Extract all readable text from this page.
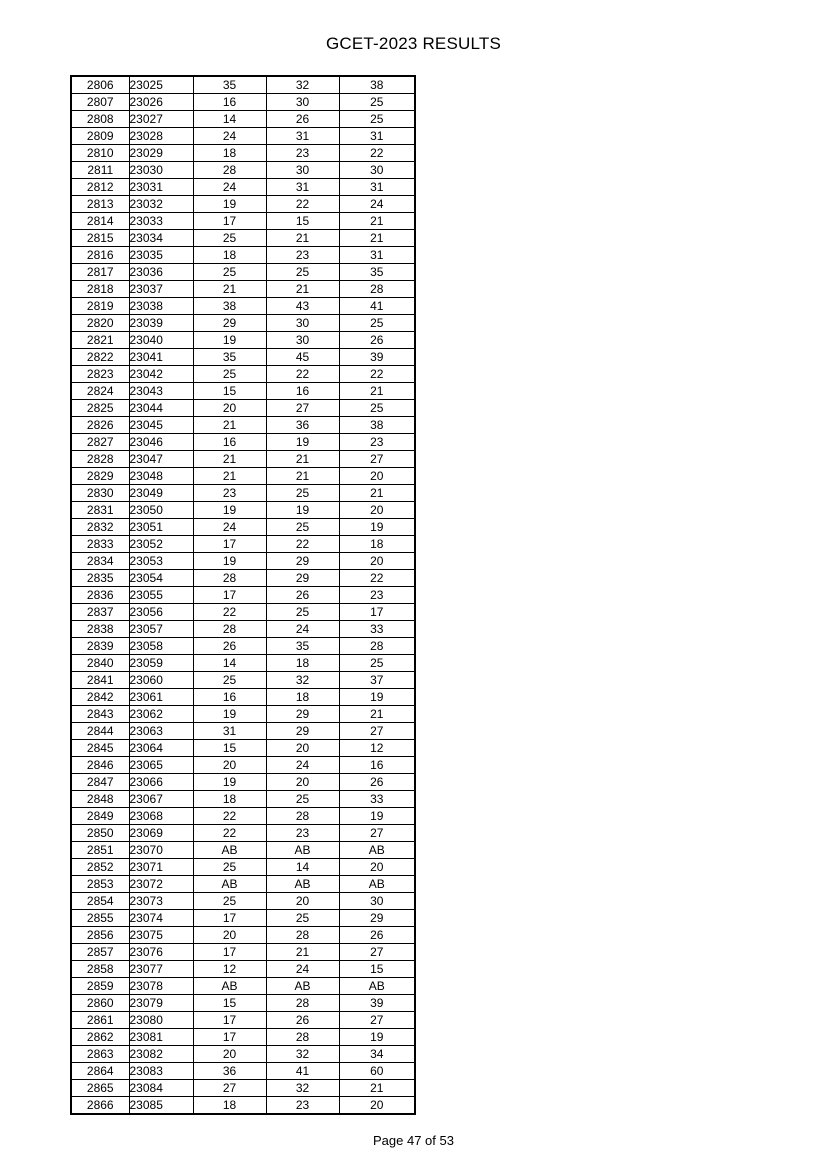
GCET-2023 RESULTS
2806	23025	35	32	38
2807	23026	16	30	25
2808	23027	14	26	25
2809	23028	24	31	31
2810	23029	18	23	22
2811	23030	28	30	30
2812	23031	24	31	31
2813	23032	19	22	24
2814	23033	17	15	21
2815	23034	25	21	21
2816	23035	18	23	31
2817	23036	25	25	35
2818	23037	21	21	28
2819	23038	38	43	41
2820	23039	29	30	25
2821	23040	19	30	26
2822	23041	35	45	39
2823	23042	25	22	22
2824	23043	15	16	21
2825	23044	20	27	25
2826	23045	21	36	38
2827	23046	16	19	23
2828	23047	21	21	27
2829	23048	21	21	20
2830	23049	23	25	21
2831	23050	19	19	20
2832	23051	24	25	19
2833	23052	17	22	18
2834	23053	19	29	20
2835	23054	28	29	22
2836	23055	17	26	23
2837	23056	22	25	17
2838	23057	28	24	33
2839	23058	26	35	28
2840	23059	14	18	25
2841	23060	25	32	37
2842	23061	16	18	19
2843	23062	19	29	21
2844	23063	31	29	27
2845	23064	15	20	12
2846	23065	20	24	16
2847	23066	19	20	26
2848	23067	18	25	33
2849	23068	22	28	19
2850	23069	22	23	27
2851	23070	AB	AB	AB
2852	23071	25	14	20
2853	23072	AB	AB	AB
2854	23073	25	20	30
2855	23074	17	25	29
2856	23075	20	28	26
2857	23076	17	21	27
2858	23077	12	24	15
2859	23078	AB	AB	AB
2860	23079	15	28	39
2861	23080	17	26	27
2862	23081	17	28	19
2863	23082	20	32	34
2864	23083	36	41	60
2865	23084	27	32	21
2866	23085	18	23	20
Page 47 of 53
